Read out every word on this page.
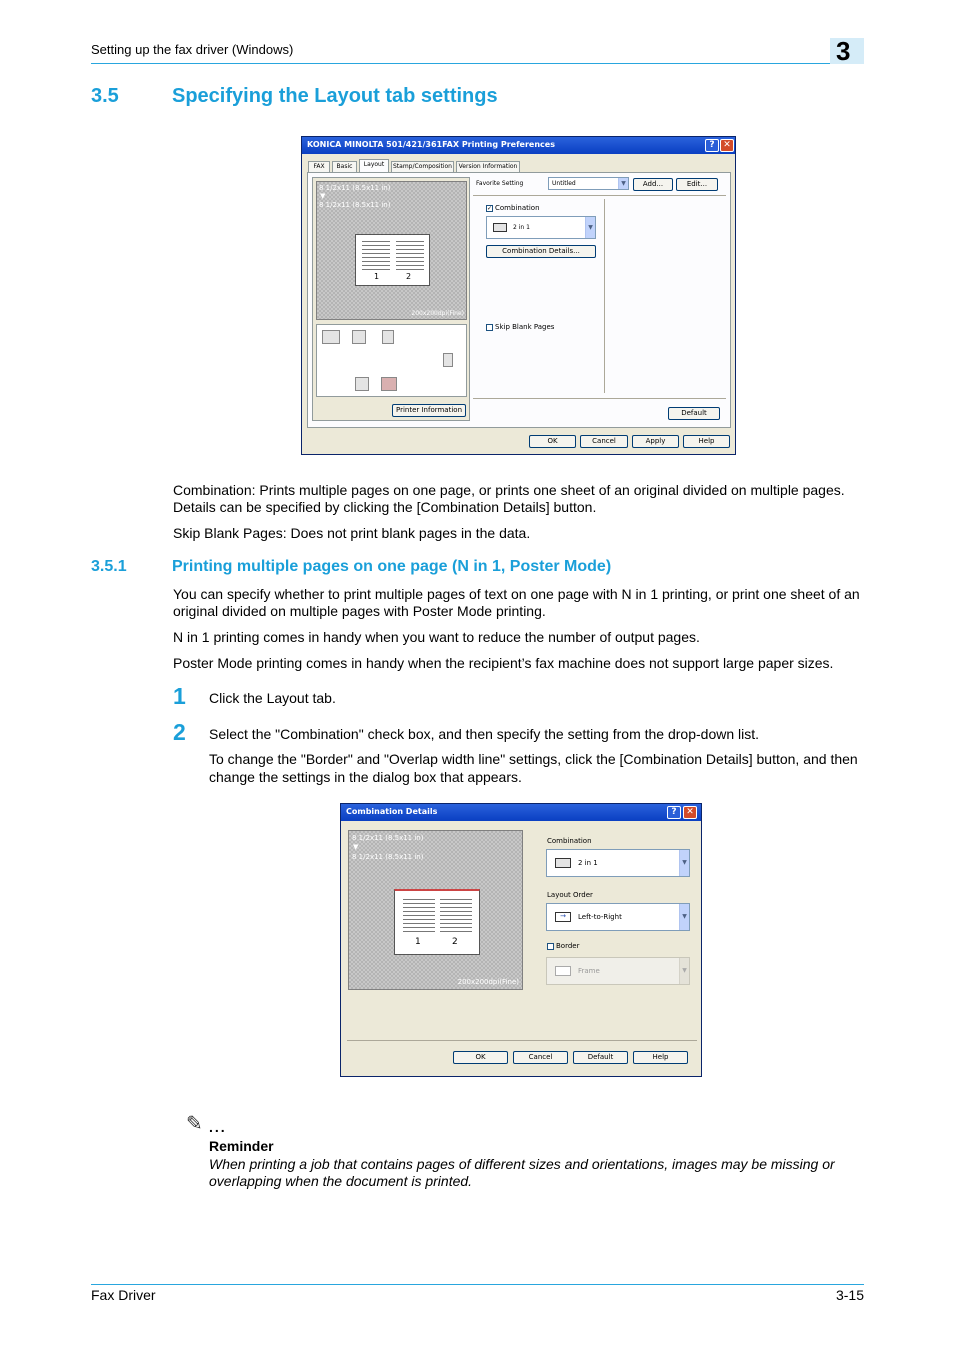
Setting up the fax driver (Windows)	3
3.5	Specifying the Layout tab settings
KONICA MINOLTA 501/421/361FAX Printing Preferences	? ✕
FAX	Basic	Layout	Stamp/Composition	Version Information
8 1/2x11 (8.5x11 in)
▼
8 1/2x11 (8.5x11 in)
1	2
200x200dpi(Fine)
Printer Information
Favorite Setting	Untitled	▼	Add...	Edit...
✓ Combination
2 in 1	▼
Combination Details...
Skip Blank Pages
Default
OK	Cancel	Apply	Help
Combination: Prints multiple pages on one page, or prints one sheet of an original divided on multiple pages. Details can be specified by clicking the [Combination Details] button.
Skip Blank Pages: Does not print blank pages in the data.
3.5.1	Printing multiple pages on one page (N in 1, Poster Mode)
You can specify whether to print multiple pages of text on one page with N in 1 printing, or print one sheet of an original divided on multiple pages with Poster Mode printing.
N in 1 printing comes in handy when you want to reduce the number of output pages.
Poster Mode printing comes in handy when the recipient’s fax machine does not support large paper sizes.
1 Click the Layout tab.
2 Select the "Combination" check box, and then specify the setting from the drop-down list.
To change the "Border" and "Overlap width line" settings, click the [Combination Details] button, and then change the settings in the dialog box that appears.
Combination Details	?	✕
8 1/2x11 (8.5x11 in)
▼
8 1/2x11 (8.5x11 in)
1	2
200x200dpi(Fine)
Combination
2 in 1	▼
Layout Order
→	Left-to-Right	▼
Border
Frame	▼
OK	Cancel	Default	Help
✎ ...
Reminder
When printing a job that contains pages of different sizes and orientations, images may be missing or overlapping when the document is printed.
Fax Driver	3-15
